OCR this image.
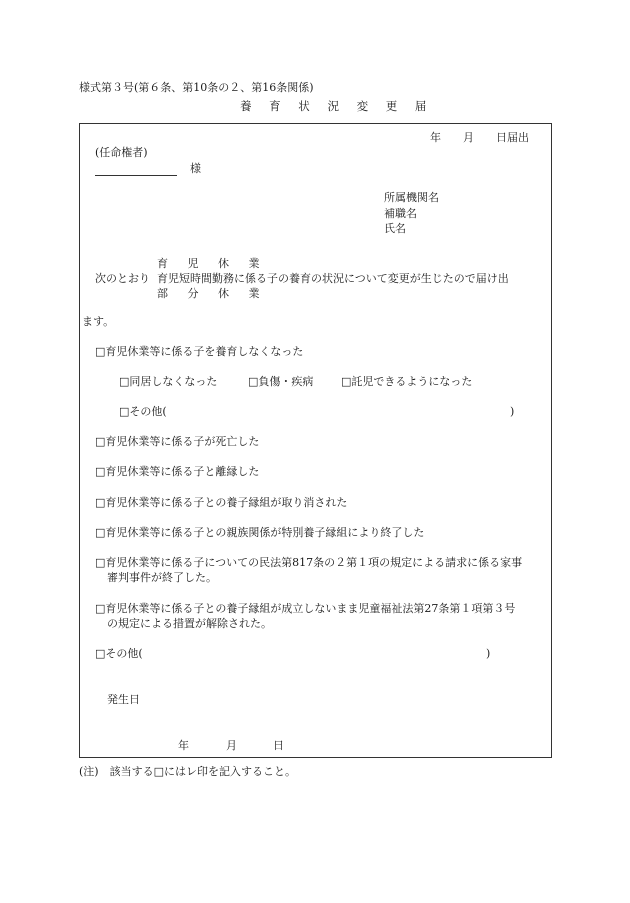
様式第３号(第６条、第10条の２、第16条関係)
養 育 状 況 変 更 届
年　　月　　日届出
(任命権者)
様
所属機関名
補職名
氏名
育 児 休 業
次のとおり 育児短時間勤務に係る子の養育の状況について変更が生じたので届け出
部 分 休 業
ます。
□育児休業等に係る子を養育しなくなった
□同居しなくなった	□負傷・疾病	□託児できるようになった
□その他(	)
□育児休業等に係る子が死亡した
□育児休業等に係る子と離縁した
□育児休業等に係る子との養子縁組が取り消された
□育児休業等に係る子との親族関係が特別養子縁組により終了した
□育児休業等に係る子についての民法第817条の２第１項の規定による請求に係る家事
審判事件が終了した。
□育児休業等に係る子との養子縁組が成立しないまま児童福祉法第27条第１項第３号
の規定による措置が解除された。
□その他(	)
発生日
年	月	日
(注)　該当する□にはレ印を記入すること。
